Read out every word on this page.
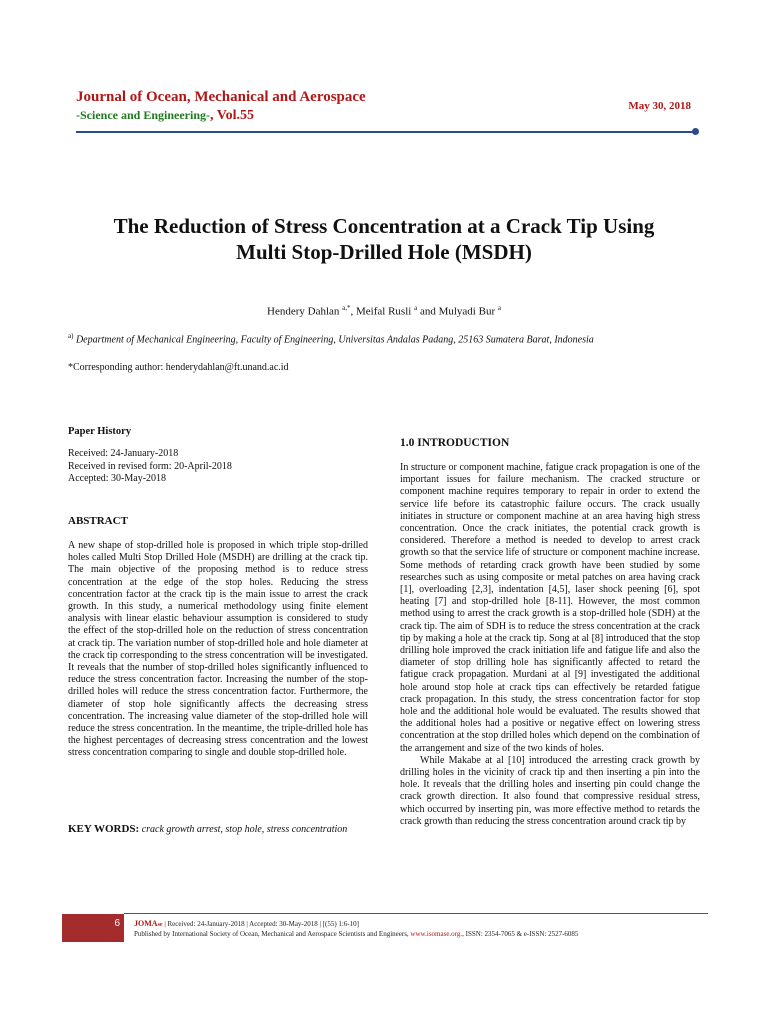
Journal of Ocean, Mechanical and Aerospace
-Science and Engineering-, Vol.55
May 30, 2018
The Reduction of Stress Concentration at a Crack Tip Using
Multi Stop-Drilled Hole (MSDH)
Hendery Dahlan $^{a,*}$, Meifal Rusli $^a$ and Mulyadi Bur $^a$
$^{a)}$ Department of Mechanical Engineering, Faculty of Engineering, Universitas Andalas Padang, 25163 Sumatera Barat, Indonesia
*Corresponding author: henderydahlan@ft.unand.ac.id
Paper History
Received: 24-January-2018
Received in revised form: 20-April-2018
Accepted: 30-May-2018
ABSTRACT
A new shape of stop-drilled hole is proposed in which triple stop-drilled holes called Multi Stop Drilled Hole (MSDH) are drilling at the crack tip. The main objective of the proposing method is to reduce stress concentration at the edge of the stop holes. Reducing the stress concentration factor at the crack tip is the main issue to arrest the crack growth. In this study, a numerical methodology using finite element analysis with linear elastic behaviour assumption is considered to study the effect of the stop-drilled hole on the reduction of stress concentration at crack tip. The variation number of stop-drilled hole and hole diameter at the crack tip corresponding to the stress concentration will be investigated. It reveals that the number of stop-drilled holes significantly influenced to reduce the stress concentration factor. Increasing the number of the stop-drilled holes will reduce the stress concentration factor. Furthermore, the diameter of stop hole significantly affects the decreasing stress concentration. The increasing value diameter of the stop-drilled hole will reduce the stress concentration. In the meantime, the triple-drilled hole has the highest percentages of decreasing stress concentration and the lowest stress concentration comparing to single and double stop-drilled hole.
KEY WORDS: crack growth arrest, stop hole, stress concentration
1.0 INTRODUCTION

In structure or component machine, fatigue crack propagation is one of the important issues for failure mechanism. The cracked structure or component machine requires temporary to repair in order to extend the service life before its catastrophic failure occurs. The crack usually initiates in structure or component machine at an area having high stress concentration. Once the crack initiates, the potential crack growth is considered. Therefore a method is needed to develop to arrest crack growth so that the service life of structure or component machine increase. Some methods of retarding crack growth have been studied by some researches such as using composite or metal patches on area having crack [1], overloading [2,3], indentation [4,5], laser shock peening [6], spot heating [7] and stop-drilled hole [8-11]. However, the most common method using to arrest the crack growth is a stop-drilled hole (SDH) at the crack tip. The aim of SDH is to reduce the stress concentration at the crack tip by making a hole at the crack tip. Song at al [8] introduced that the stop drilling hole improved the crack initiation life and fatigue life and also the diameter of stop drilling hole has significantly affected to retard the fatigue crack propagation. Murdani at al [9] investigated the additional hole around stop hole at crack tips can effectively be retarded fatigue crack propagation. In this study, the stress concentration factor for stop hole and the additional hole would be evaluated. The results showed that the additional holes had a positive or negative effect on lowering stress concentration at the stop drilled holes which depend on the combination of the arrangement and size of the two kinds of holes.

While Makabe at al [10] introduced the arresting crack growth by drilling holes in the vicinity of crack tip and then inserting a pin into the hole. It reveals that the drilling holes and inserting pin could change the crack growth direction. It also found that compressive residual stress, which occurred by inserting pin, was more effective method to retards the crack growth than reducing the stress concentration around crack tip by

6 JOMAse | Received: 24-January-2018 | Accepted: 30-May-2018 | [(55) 1:6-10]
Published by International Society of Ocean, Mechanical and Aerospace Scientists and Engineers, www.isomase.org., ISSN: 2354-7065 & e-ISSN: 2527-6085
